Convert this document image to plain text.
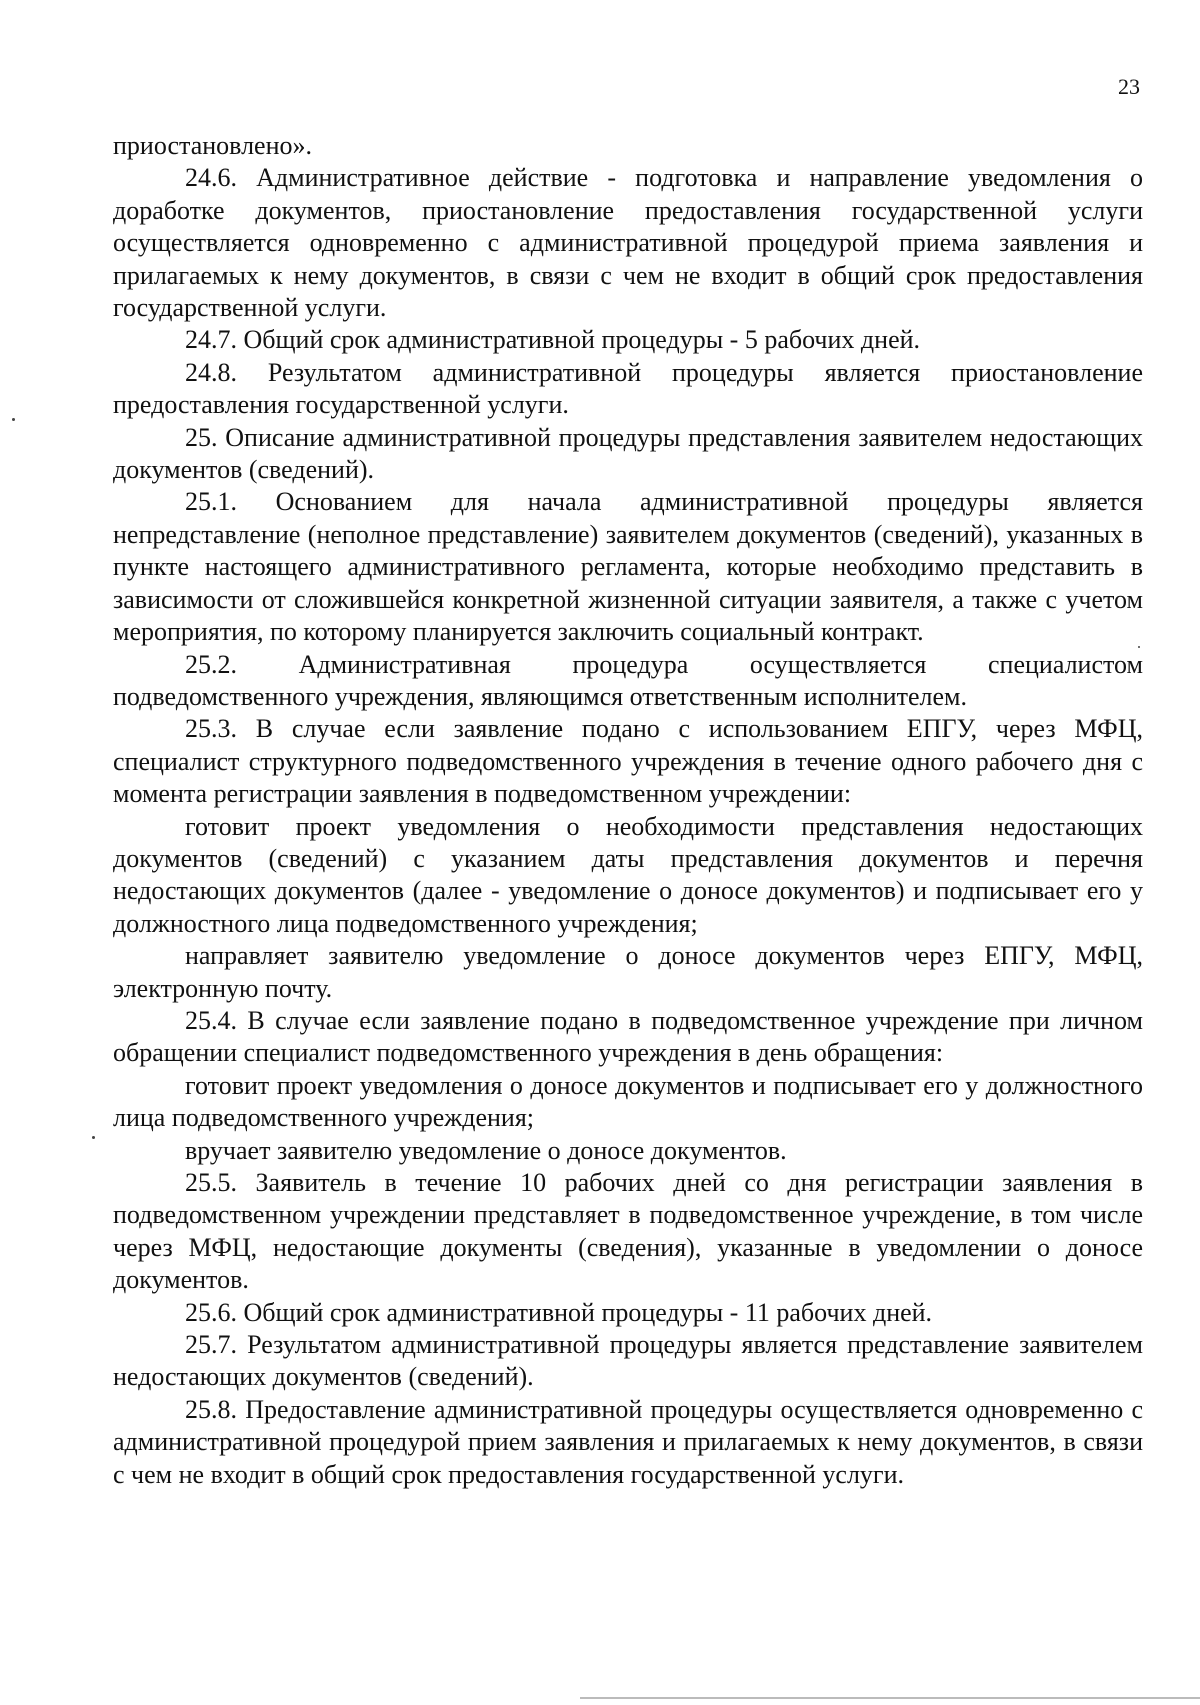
23

приостановлено».

24.6. Административное действие - подготовка и направление уведомления о доработке документов, приостановление предоставления государственной услуги осуществляется одновременно с административной процедурой приема заявления и прилагаемых к нему документов, в связи с чем не входит в общий срок предоставления государственной услуги.

24.7. Общий срок административной процедуры - 5 рабочих дней.

24.8. Результатом административной процедуры является приостановление предоставления государственной услуги.

25. Описание административной процедуры представления заявителем недостающих документов (сведений).

25.1. Основанием для начала административной процедуры является непредставление (неполное представление) заявителем документов (сведений), указанных в пункте настоящего административного регламента, которые необходимо представить в зависимости от сложившейся конкретной жизненной ситуации заявителя, а также с учетом мероприятия, по которому планируется заключить социальный контракт.

25.2. Административная процедура осуществляется специалистом подведомственного учреждения, являющимся ответственным исполнителем.

25.3. В случае если заявление подано с использованием ЕПГУ, через МФЦ, специалист структурного подведомственного учреждения в течение одного рабочего дня с момента регистрации заявления в подведомственном учреждении:

готовит проект уведомления о необходимости представления недостающих документов (сведений) с указанием даты представления документов и перечня недостающих документов (далее - уведомление о доносе документов) и подписывает его у должностного лица подведомственного учреждения;

направляет заявителю уведомление о доносе документов через ЕПГУ, МФЦ, электронную почту.

25.4. В случае если заявление подано в подведомственное учреждение при личном обращении специалист подведомственного учреждения в день обращения:

готовит проект уведомления о доносе документов и подписывает его у должностного лица подведомственного учреждения;

вручает заявителю уведомление о доносе документов.

25.5. Заявитель в течение 10 рабочих дней со дня регистрации заявления в подведомственном учреждении представляет в подведомственное учреждение, в том числе через МФЦ, недостающие документы (сведения), указанные в уведомлении о доносе документов.

25.6. Общий срок административной процедуры - 11 рабочих дней.

25.7. Результатом административной процедуры является представление заявителем недостающих документов (сведений).

25.8. Предоставление административной процедуры осуществляется одновременно с административной процедурой прием заявления и прилагаемых к нему документов, в связи с чем не входит в общий срок предоставления государственной услуги.
